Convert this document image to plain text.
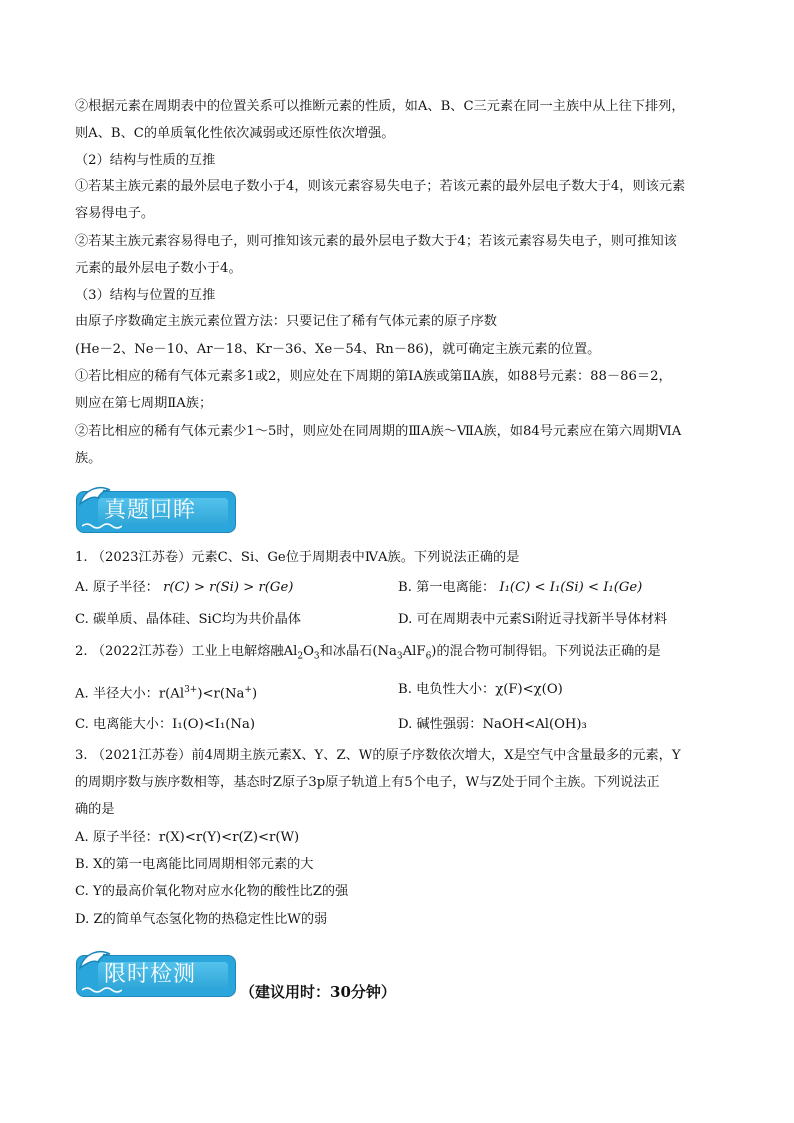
②根据元素在周期表中的位置关系可以推断元素的性质，如A、B、C三元素在同一主族中从上往下排列，
则A、B、C的单质氧化性依次减弱或还原性依次增强。
（2）结构与性质的互推
①若某主族元素的最外层电子数小于4，则该元素容易失电子；若该元素的最外层电子数大于4，则该元素
容易得电子。
②若某主族元素容易得电子，则可推知该元素的最外层电子数大于4；若该元素容易失电子，则可推知该
元素的最外层电子数小于4。
（3）结构与位置的互推
由原子序数确定主族元素位置方法：只要记住了稀有气体元素的原子序数
(He－2、Ne－10、Ar－18、Kr－36、Xe－54、Rn－86)，就可确定主族元素的位置。
①若比相应的稀有气体元素多1或2，则应处在下周期的第ⅠA族或第ⅡA族，如88号元素：88－86＝2，
则应在第七周期ⅡA族；
②若比相应的稀有气体元素少1～5时，则应处在同周期的ⅢA族～ⅦA族，如84号元素应在第六周期ⅥA
族。
真题回眸
1. （2023江苏卷）元素C、Si、Ge位于周期表中ⅣA族。下列说法正确的是
A. 原子半径： r(C) > r(Si) > r(Ge)	B. 第一电离能： I₁(C) < I₁(Si) < I₁(Ge)
C. 碳单质、晶体硅、SiC均为共价晶体	D. 可在周期表中元素Si附近寻找新半导体材料
2. （2022江苏卷）工业上电解熔融$Al_2O_3$和冰晶石$(Na_3AlF_6)$的混合物可制得铝。下列说法正确的是
A. 半径大小：$r(Al^{3+})<r(Na^+)$	B. 电负性大小：χ(F)<χ(O)
C. 电离能大小：I₁(O)<I₁(Na)	D. 碱性强弱：NaOH<Al(OH)₃
3. （2021江苏卷）前4周期主族元素X、Y、Z、W的原子序数依次增大，X是空气中含量最多的元素，Y
的周期序数与族序数相等，基态时Z原子3p原子轨道上有5个电子，W与Z处于同个主族。下列说法正
确的是
A. 原子半径：r(X)<r(Y)<r(Z)<r(W)
B. X的第一电离能比同周期相邻元素的大
C. Y的最高价氧化物对应水化物的酸性比Z的强
D. Z的简单气态氢化物的热稳定性比W的弱
限时检测
（建议用时：30分钟）
